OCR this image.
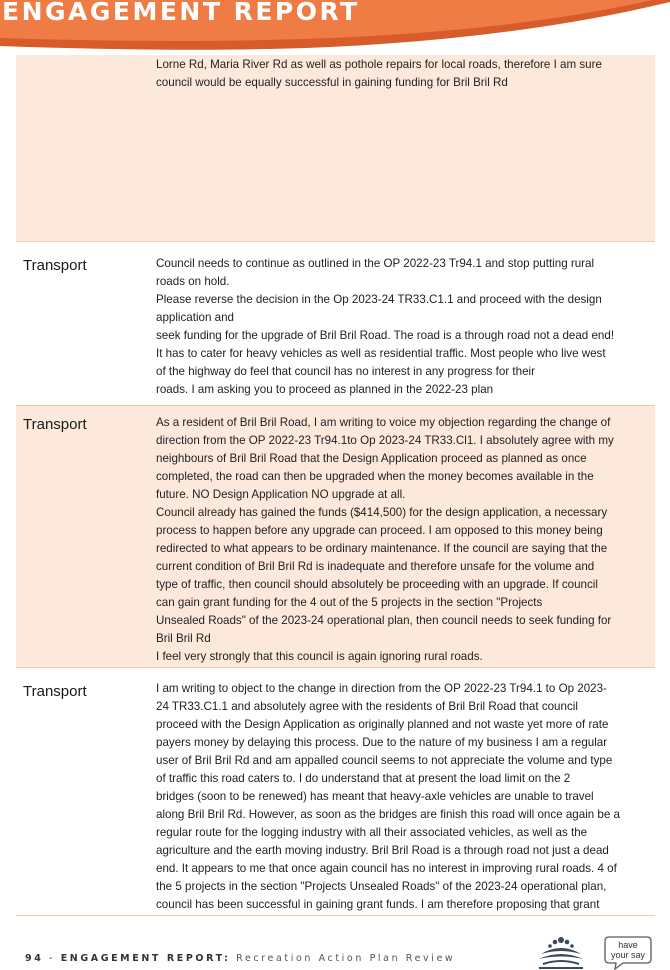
ENGAGEMENT REPORT

Lorne Rd, Maria River Rd as well as pothole repairs for local roads, therefore I am sure

council would be equally successful in gaining funding for Bril Bril Rd

Transport	Council needs to continue as outlined in the OP 2022-23 Tr94.1 and stop putting rural

roads on hold.

Please reverse the decision in the Op 2023-24 TR33.C1.1 and proceed with the design

application and

seek funding for the upgrade of Bril Bril Road. The road is a through road not a dead end!

It has to cater for heavy vehicles as well as residential traffic. Most people who live west

of the highway do feel that council has no interest in any progress for their

roads. I am asking you to proceed as planned in the 2022-23 plan

Transport	As a resident of Bril Bril Road, I am writing to voice my objection regarding the change of

direction from the OP 2022-23 Tr94.1to Op 2023-24 TR33.Cl1. I absolutely agree with my

neighbours of Bril Bril Road that the Design Application proceed as planned as once

completed, the road can then be upgraded when the money becomes available in the

future. NO Design Application NO upgrade at all.

Council already has gained the funds ($414,500) for the design application, a necessary

process to happen before any upgrade can proceed. I am opposed to this money being

redirected to what appears to be ordinary maintenance. If the council are saying that the

current condition of Bril Bril Rd is inadequate and therefore unsafe for the volume and

type of traffic, then council should absolutely be proceeding with an upgrade. If council

can gain grant funding for the 4 out of the 5 projects in the section "Projects

Unsealed Roads" of the 2023-24 operational plan, then council needs to seek funding for

Bril Bril Rd

I feel very strongly that this council is again ignoring rural roads.

Transport	I am writing to object to the change in direction from the OP 2022-23 Tr94.1 to Op 2023-

24 TR33.C1.1 and absolutely agree with the residents of Bril Bril Road that council

proceed with the Design Application as originally planned and not waste yet more of rate

payers money by delaying this process. Due to the nature of my business I am a regular

user of Bril Bril Rd and am appalled council seems to not appreciate the volume and type

of traffic this road caters to. I do understand that at present the load limit on the 2

bridges (soon to be renewed) has meant that heavy-axle vehicles are unable to travel

along Bril Bril Rd. However, as soon as the bridges are finish this road will once again be a

regular route for the logging industry with all their associated vehicles, as well as the

agriculture and the earth moving industry. Bril Bril Road is a through road not just a dead

end. It appears to me that once again council has no interest in improving rural roads. 4 of

the 5 projects in the section "Projects Unsealed Roads" of the 2023-24 operational plan,

council has been successful in gaining grant funds. I am therefore proposing that grant

94 - ENGAGEMENT REPORT: Recreation Action Plan Review
have
your say
